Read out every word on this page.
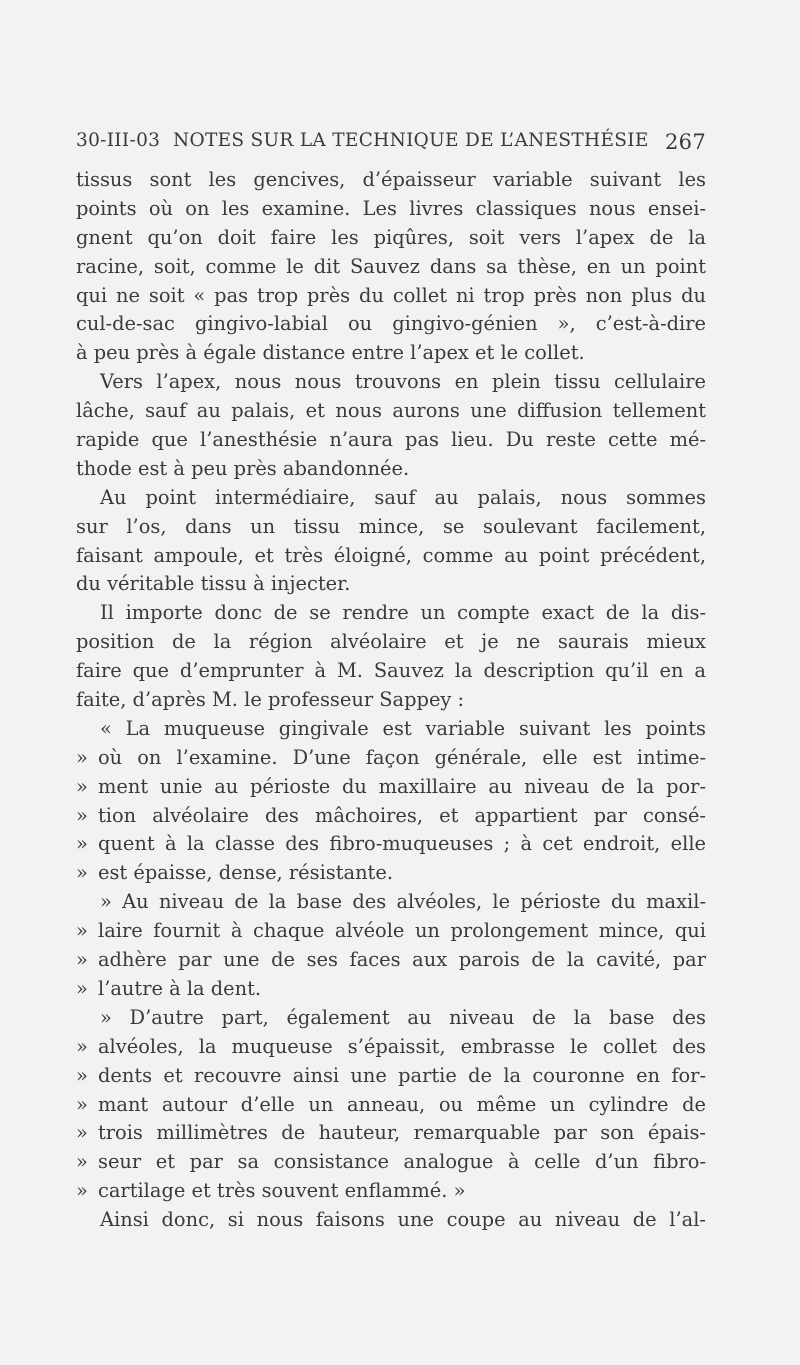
30-III-03 NOTES SUR LA TECHNIQUE DE L’ANESTHÉSIE 267
tissus sont les gencives, d’épaisseur variable suivant les
points où on les examine. Les livres classiques nous ensei-
gnent qu’on doit faire les piqûres, soit vers l’apex de la
racine, soit, comme le dit Sauvez dans sa thèse, en un point
qui ne soit « pas trop près du collet ni trop près non plus du
cul-de-sac gingivo-labial ou gingivo-génien », c’est-à-dire
à peu près à égale distance entre l’apex et le collet.
Vers l’apex, nous nous trouvons en plein tissu cellulaire
lâche, sauf au palais, et nous aurons une diffusion tellement
rapide que l’anesthésie n’aura pas lieu. Du reste cette mé-
thode est à peu près abandonnée.
Au point intermédiaire, sauf au palais, nous sommes
sur l’os, dans un tissu mince, se soulevant facilement,
faisant ampoule, et très éloigné, comme au point précédent,
du véritable tissu à injecter.
Il importe donc de se rendre un compte exact de la dis-
position de la région alvéolaire et je ne saurais mieux
faire que d’emprunter à M. Sauvez la description qu’il en a
faite, d’après M. le professeur Sappey :
« La muqueuse gingivale est variable suivant les points
» où on l’examine. D’une façon générale, elle est intime-
» ment unie au périoste du maxillaire au niveau de la por-
» tion alvéolaire des mâchoires, et appartient par consé-
» quent à la classe des fibro-muqueuses ; à cet endroit, elle
» est épaisse, dense, résistante.
» Au niveau de la base des alvéoles, le périoste du maxil-
» laire fournit à chaque alvéole un prolongement mince, qui
» adhère par une de ses faces aux parois de la cavité, par
» l’autre à la dent.
» D’autre part, également au niveau de la base des
» alvéoles, la muqueuse s’épaissit, embrasse le collet des
» dents et recouvre ainsi une partie de la couronne en for-
» mant autour d’elle un anneau, ou même un cylindre de
» trois millimètres de hauteur, remarquable par son épais-
» seur et par sa consistance analogue à celle d’un fibro-
» cartilage et très souvent enflammé. »
Ainsi donc, si nous faisons une coupe au niveau de l’al-
